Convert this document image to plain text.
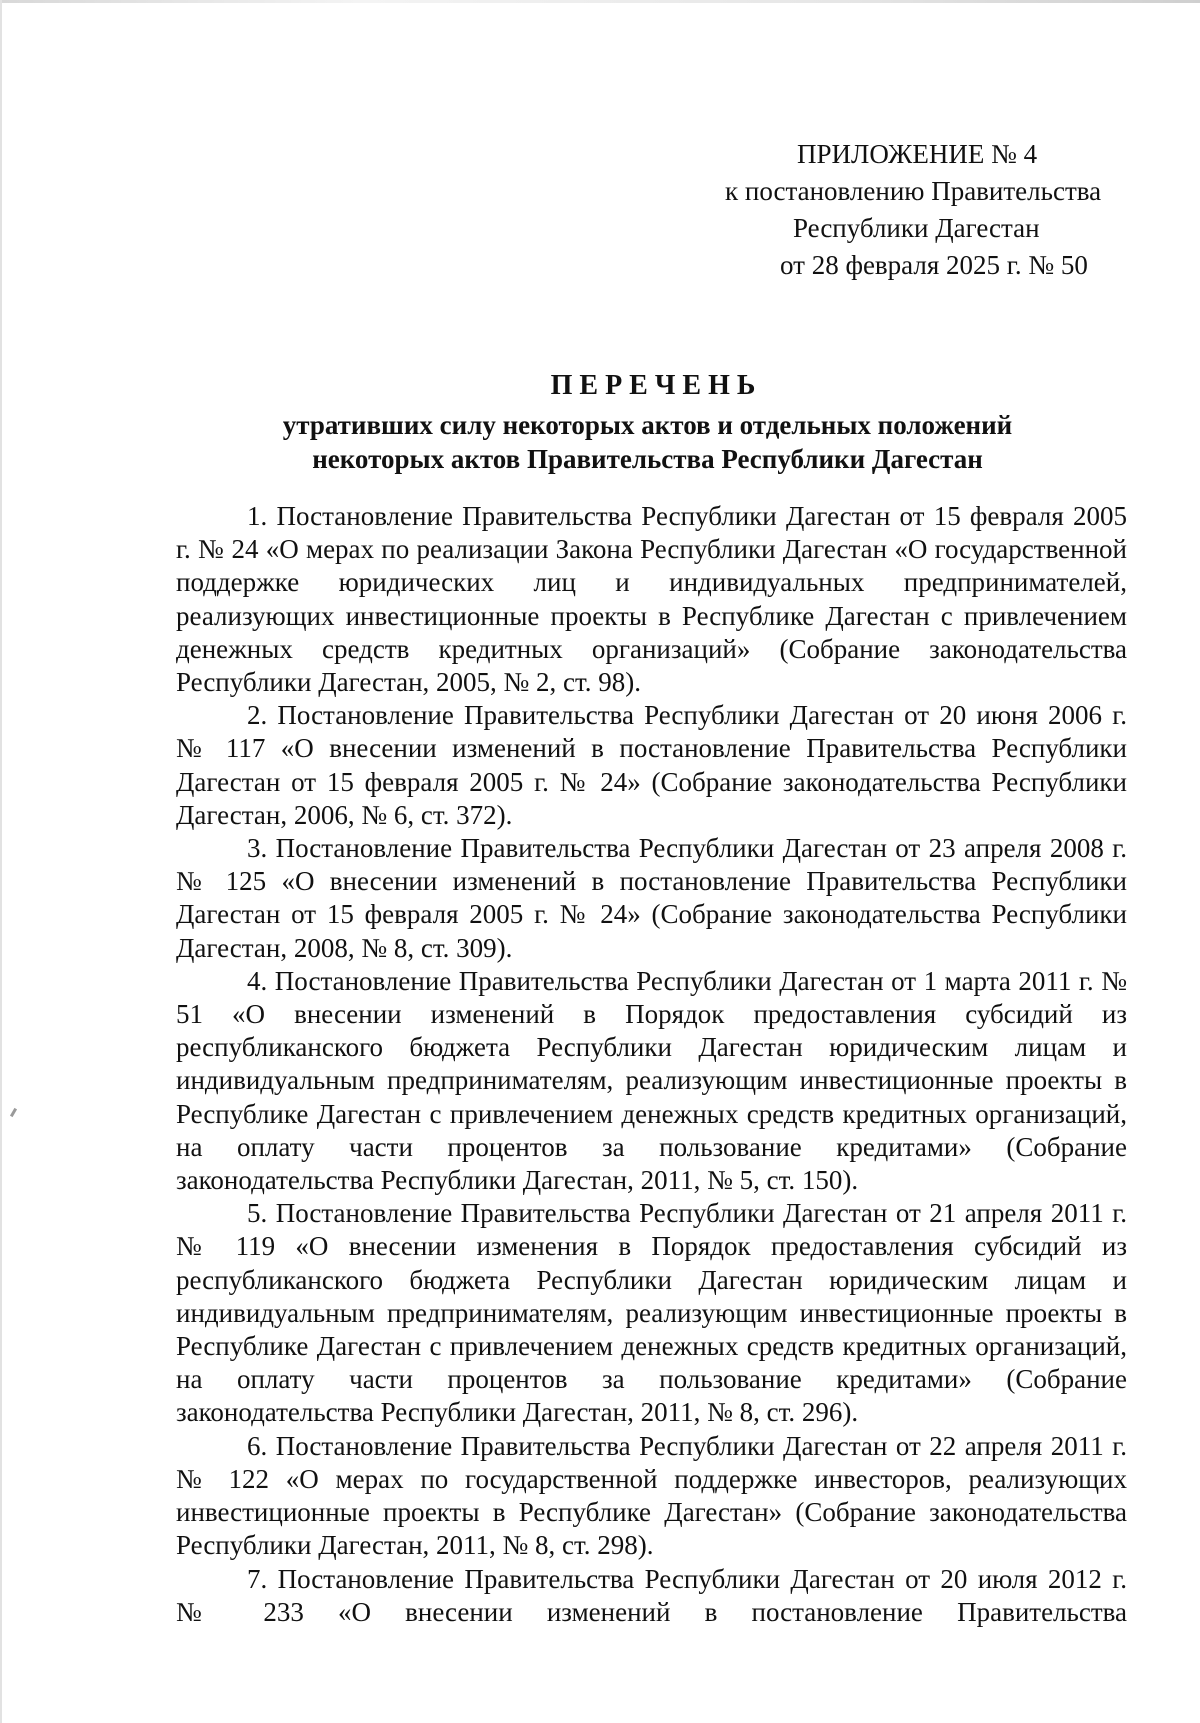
ПРИЛОЖЕНИЕ № 4
к постановлению Правительства
Республики Дагестан
от 28 февраля 2025 г. № 50
ПЕРЕЧЕНЬ
утративших силу некоторых актов и отдельных положений
некоторых актов Правительства Республики Дагестан

1. Постановление Правительства Республики Дагестан от 15 февраля 2005 г. № 24 «О мерах по реализации Закона Республики Дагестан «О государственной поддержке юридических лиц и индивидуальных предпринимателей, реализующих инвестиционные проекты в Республике Дагестан с привлечением денежных средств кредитных организаций» (Собрание законодательства Республики Дагестан, 2005, № 2, ст. 98).

2. Постановление Правительства Республики Дагестан от 20 июня 2006 г. № 117 «О внесении изменений в постановление Правительства Республики Дагестан от 15 февраля 2005 г. № 24» (Собрание законодательства Республики Дагестан, 2006, № 6, ст. 372).

3. Постановление Правительства Республики Дагестан от 23 апреля 2008 г. № 125 «О внесении изменений в постановление Правительства Республики Дагестан от 15 февраля 2005 г. № 24» (Собрание законодательства Республики Дагестан, 2008, № 8, ст. 309).

4. Постановление Правительства Республики Дагестан от 1 марта 2011 г. № 51 «О внесении изменений в Порядок предоставления субсидий из республиканского бюджета Республики Дагестан юридическим лицам и индивидуальным предпринимателям, реализующим инвестиционные проекты в Республике Дагестан с привлечением денежных средств кредитных организаций, на оплату части процентов за пользование кредитами» (Собрание законодательства Республики Дагестан, 2011, № 5, ст. 150).

5. Постановление Правительства Республики Дагестан от 21 апреля 2011 г. № 119 «О внесении изменения в Порядок предоставления субсидий из республиканского бюджета Республики Дагестан юридическим лицам и индивидуальным предпринимателям, реализующим инвестиционные проекты в Республике Дагестан с привлечением денежных средств кредитных организаций, на оплату части процентов за пользование кредитами» (Собрание законодательства Республики Дагестан, 2011, № 8, ст. 296).

6. Постановление Правительства Республики Дагестан от 22 апреля 2011 г. № 122 «О мерах по государственной поддержке инвесторов, реализующих инвестиционные проекты в Республике Дагестан» (Собрание законодательства Республики Дагестан, 2011, № 8, ст. 298).

7. Постановление Правительства Республики Дагестан от 20 июля 2012 г. № 233 «О внесении изменений в постановление Правительства
